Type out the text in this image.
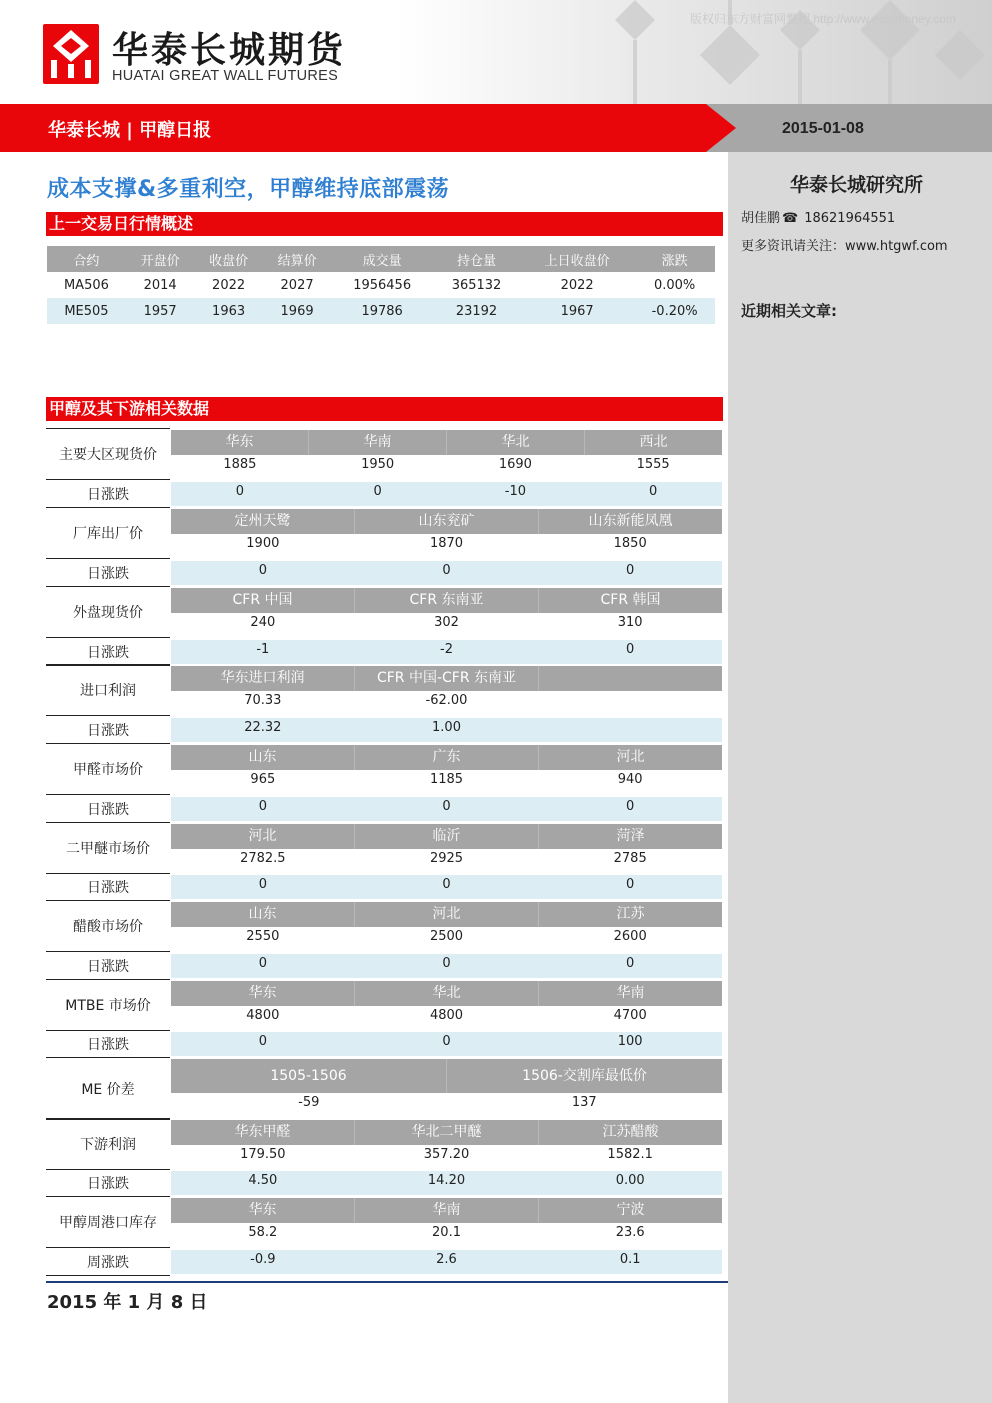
华泰长城期货
HUATAI GREAT WALL FUTURES
版权归东方财富网整理 http://www.eastmoney.com
华泰长城 | 甲醇日报	2015-01-08
华泰长城研究所
胡佳鹏 ☎ 18621964551
更多资讯请关注：www.htgwf.com
近期相关文章:
成本支撑&多重利空，甲醇维持底部震荡
上一交易日行情概述
合约	开盘价	收盘价	结算价	成交量	持仓量	上日收盘价	涨跌
MA506	2014	2022	2027	1956456	365132	2022	0.00%
ME505	1957	1963	1969	19786	23192	1967	-0.20%
甲醇及其下游相关数据
主要大区现货价
华东	华南	华北	西北
1885	1950	1690	1555
日涨跌	0	0	-10	0
厂库出厂价
定州天鹭	山东兖矿	山东新能凤凰
1900	1870	1850
日涨跌	0	0	0
外盘现货价
CFR 中国	CFR 东南亚	CFR 韩国
240	302	310
日涨跌	-1	-2	0
进口利润
华东进口利润	CFR 中国-CFR 东南亚
70.33	-62.00
日涨跌	22.32	1.00
甲醛市场价
山东	广东	河北
965	1185	940
日涨跌	0	0	0
二甲醚市场价
河北	临沂	菏泽
2782.5	2925	2785
日涨跌	0	0	0
醋酸市场价
山东	河北	江苏
2550	2500	2600
日涨跌	0	0	0
MTBE 市场价
华东	华北	华南
4800	4800	4700
日涨跌	0	0	100
ME 价差
1505-1506	1506-交割库最低价
-59	137
下游利润
华东甲醛	华北二甲醚	江苏醋酸
179.50	357.20	1582.1
日涨跌	4.50	14.20	0.00
甲醇周港口库存
华东	华南	宁波
58.2	20.1	23.6
周涨跌	-0.9	2.6	0.1
2015 年 1 月 8 日
